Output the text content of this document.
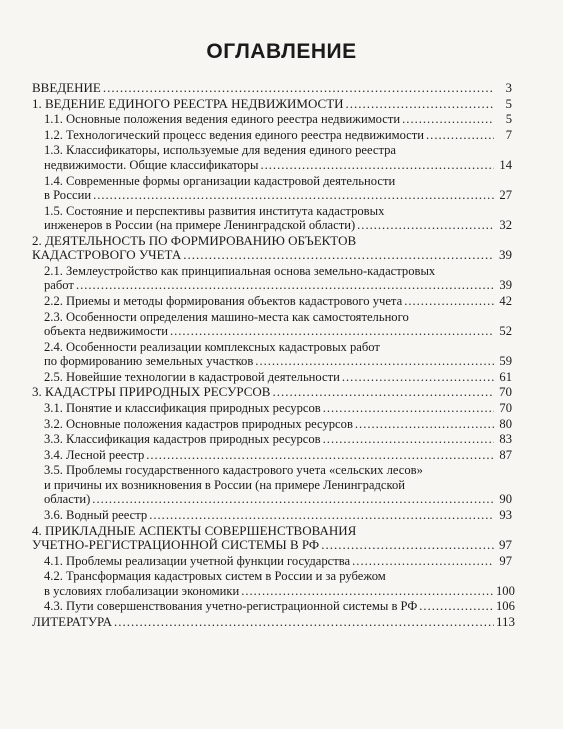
ОГЛАВЛЕНИЕ
ВВЕДЕНИЕ .....	3
1. ВЕДЕНИЕ ЕДИНОГО РЕЕСТРА НЕДВИЖИМОСТИ .....	5
1.1. Основные положения ведения единого реестра недвижимости .....	5
1.2. Технологический процесс ведения единого реестра недвижимости .....	7
1.3. Классификаторы, используемые для ведения единого реестра
недвижимости. Общие классификаторы .....	14
1.4. Современные формы организации кадастровой деятельности
в России .....	27
1.5. Состояние и перспективы развития института кадастровых
инженеров в России (на примере Ленинградской области) .....	32
2. ДЕЯТЕЛЬНОСТЬ ПО ФОРМИРОВАНИЮ ОБЪЕКТОВ
КАДАСТРОВОГО УЧЕТА .....	39
2.1. Землеустройство как принципиальная основа земельно-кадастровых
работ .....	39
2.2. Приемы и методы формирования объектов кадастрового учета .....	42
2.3. Особенности определения машино-места как самостоятельного
объекта недвижимости .....	52
2.4. Особенности реализации комплексных кадастровых работ
по формированию земельных участков .....	59
2.5. Новейшие технологии в кадастровой деятельности .....	61
3. КАДАСТРЫ ПРИРОДНЫХ РЕСУРСОВ .....	70
3.1. Понятие и классификация природных ресурсов .....	70
3.2. Основные положения кадастров природных ресурсов .....	80
3.3. Классификация кадастров природных ресурсов .....	83
3.4. Лесной реестр .....	87
3.5. Проблемы государственного кадастрового учета «сельских лесов»
и причины их возникновения в России (на примере Ленинградской
области) .....	90
3.6. Водный реестр .....	93
4. ПРИКЛАДНЫЕ АСПЕКТЫ СОВЕРШЕНСТВОВАНИЯ
УЧЕТНО-РЕГИСТРАЦИОННОЙ СИСТЕМЫ В РФ .....	97
4.1. Проблемы реализации учетной функции государства .....	97
4.2. Трансформация кадастровых систем в России и за рубежом
в условиях глобализации экономики .....	100
4.3. Пути совершенствования учетно-регистрационной системы в РФ .....	106
ЛИТЕРАТУРА .....	113
